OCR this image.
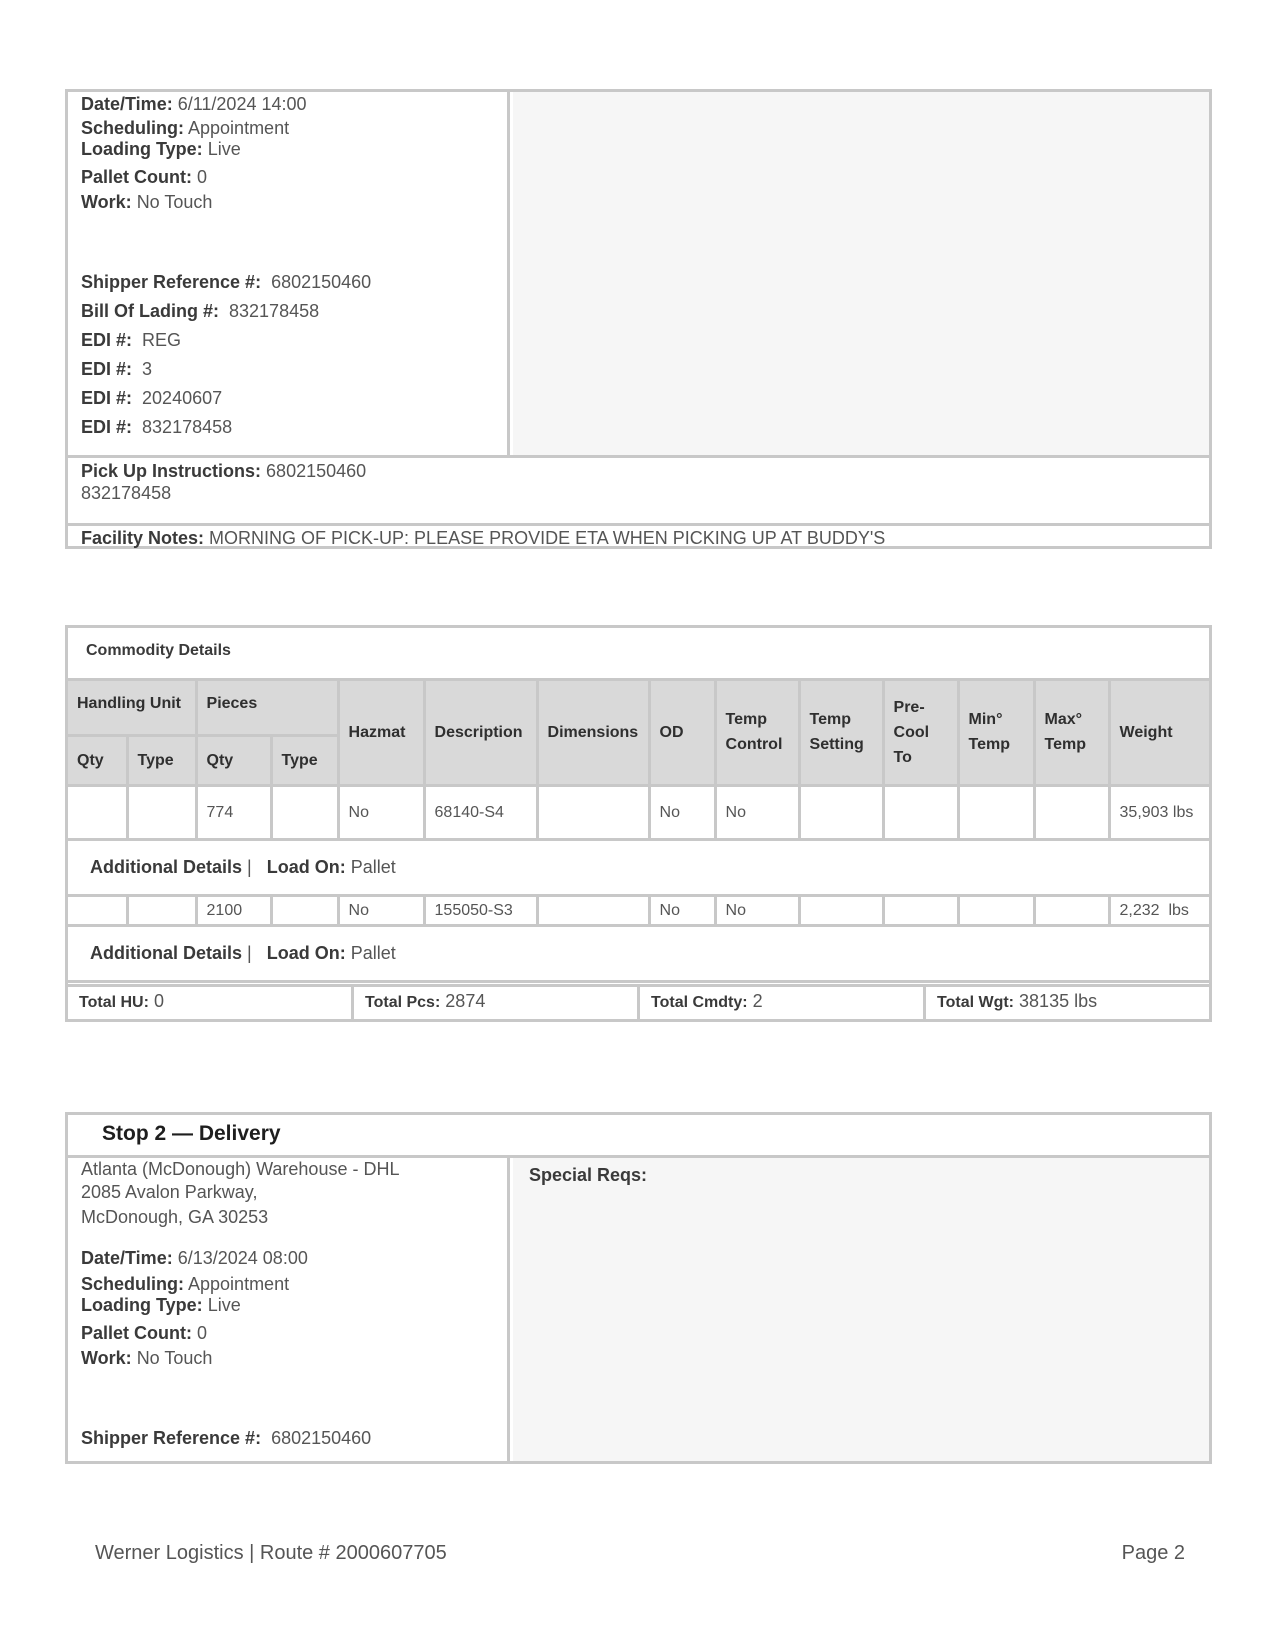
Date/Time: 6/11/2024 14:00
Scheduling: Appointment
Loading Type: Live
Pallet Count: 0
Work: No Touch
Shipper Reference #: 6802150460
Bill Of Lading #: 832178458
EDI #: REG
EDI #: 3
EDI #: 20240607
EDI #: 832178458
Pick Up Instructions: 6802150460
832178458
Facility Notes: MORNING OF PICK-UP: PLEASE PROVIDE ETA WHEN PICKING UP AT BUDDY'S
Commodity Details
Handling Unit		Pieces		Hazmat	Description	Dimensions	OD	Temp Control	Temp Setting	Pre-Cool To	Min° Temp	Max° Temp	Weight
Qty	Type	Qty	Type										
		774		No	68140-S4		No	No					35,903 lbs
Additional Details | Load On: Pallet													
		2100		No	155050-S3		No	No					2,232  lbs
Additional Details | Load On: Pallet													
Total HU: 0	Total Pcs: 2874	Total Cmdty: 2	Total Wgt: 38135 lbs
Stop 2 — Delivery
Atlanta (McDonough) Warehouse - DHL
2085 Avalon Parkway,
McDonough, GA 30253
Date/Time: 6/13/2024 08:00
Scheduling: Appointment
Loading Type: Live
Pallet Count: 0
Work: No Touch
Shipper Reference #: 6802150460
Special Reqs:
Werner Logistics | Route # 2000607705	Page 2
